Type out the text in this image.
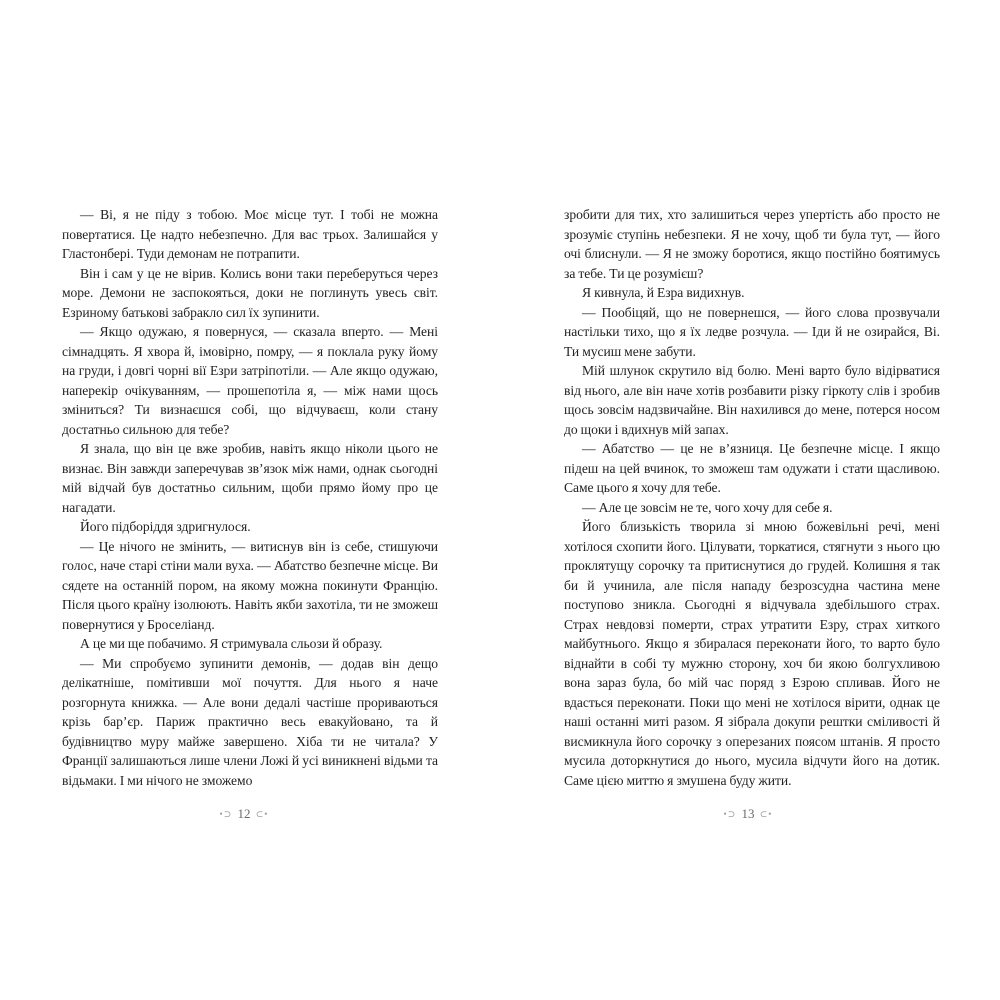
— Ві, я не піду з тобою. Моє місце тут. І тобі не можна повертатися. Це надто небезпечно. Для вас трьох. Залишайся у Гластонбері. Туди демонам не потрапити.

Він і сам у це не вірив. Колись вони таки переберуться через море. Демони не заспокояться, доки не поглинуть увесь світ. Езриному батькові забракло сил їх зупинити.

— Якщо одужаю, я повернуся, — сказала вперто. — Мені сімнадцять. Я хвора й, імовірно, помру, — я поклала руку йому на груди, і довгі чорні вії Езри затріпотіли. — Але якщо одужаю, наперекір очікуванням, — прошепотіла я, — між нами щось зміниться? Ти визнаєшся собі, що відчуваєш, коли стану достатньо сильною для тебе?

Я знала, що він це вже зробив, навіть якщо ніколи цього не визнає. Він завжди заперечував зв’язок між нами, однак сьогодні мій відчай був достатньо сильним, щоби прямо йому про це нагадати.

Його підборіддя здригнулося.

— Це нічого не змінить, — витиснув він із себе, стишуючи голос, наче старі стіни мали вуха. — Абатство безпечне місце. Ви сядете на останній пором, на якому можна покинути Францію. Після цього країну ізолюють. Навіть якби захотіла, ти не зможеш повернутися у Броселіанд.

А це ми ще побачимо. Я стримувала сльози й образу.

— Ми спробуємо зупинити демонів, — додав він дещо делікатніше, помітивши мої почуття. Для нього я наче розгорнута книжка. — Але вони дедалі частіше прориваються крізь бар’єр. Париж практично весь евакуйовано, та й будівництво муру майже завершено. Хіба ти не читала? У Франції залишаються лише члени Ложі й усі виникнені відьми та відьмаки. І ми нічого не зможемо

зробити для тих, хто залишиться через упертість або просто не зрозуміє ступінь небезпеки. Я не хочу, щоб ти була тут, — його очі блиснули. — Я не зможу боротися, якщо постійно боятимусь за тебе. Ти це розумієш?

Я кивнула, й Езра видихнув.

— Пообіцяй, що не повернешся, — його слова прозвучали настільки тихо, що я їх ледве розчула. — Іди й не озирайся, Ві. Ти мусиш мене забути.

Мій шлунок скрутило від болю. Мені варто було відірватися від нього, але він наче хотів розбавити різку гіркоту слів і зробив щось зовсім надзвичайне. Він нахилився до мене, потерся носом до щоки і вдихнув мій запах.

— Абатство — це не в’язниця. Це безпечне місце. І якщо підеш на цей вчинок, то зможеш там одужати і стати щасливою. Саме цього я хочу для тебе.

— Але це зовсім не те, чого хочу для себе я.

Його близькість творила зі мною божевільні речі, мені хотілося схопити його. Цілувати, торкатися, стягнути з нього цю проклятущу сорочку та притиснутися до грудей. Колишня я так би й учинила, але після нападу безрозсудна частина мене поступово зникла. Сьогодні я відчувала здебільшого страх. Страх невдовзі померти, страх утратити Езру, страх хиткого майбутнього. Якщо я збиралася переконати його, то варто було віднайти в собі ту мужню сторону, хоч би якою болгухливою вона зараз була, бо мій час поряд з Езрою спливав. Його не вдасться переконати. Поки що мені не хотілося вірити, однак це наші останні миті разом. Я зібрала докупи рештки сміливості й висмикнула його сорочку з оперезаних поясом штанів. Я просто мусила доторкнутися до нього, мусила відчути його на дотик. Саме цією миттю я змушена буду жити.

•⊃ 12 ⊂•	•⊃ 13 ⊂•
